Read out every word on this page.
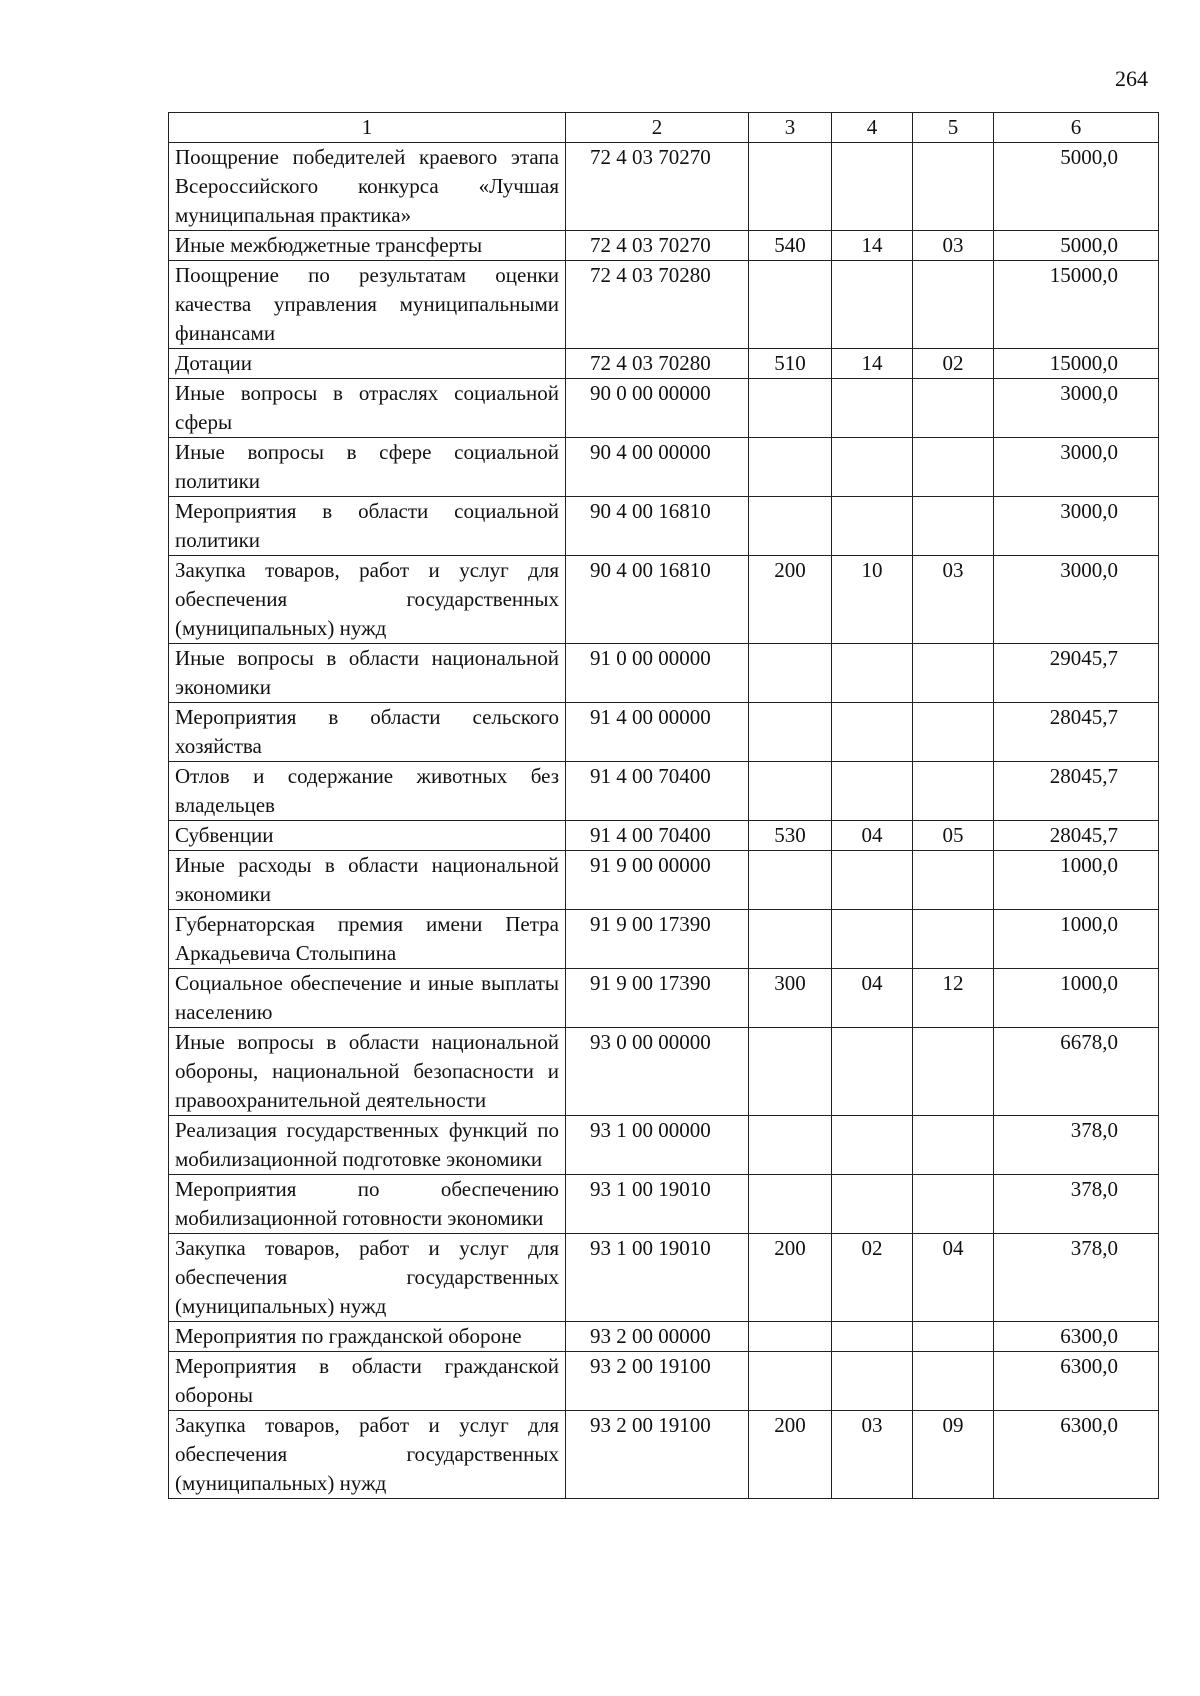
264
1	2	3	4	5	6

Поощрение победителей краевого этапа Всероссийского конкурса «Лучшая муниципальная практика»	72 4 03 70270				5000,0
Иные межбюджетные трансферты	72 4 03 70270	540	14	03	5000,0
Поощрение по результатам оценки качества управления муниципальными финансами	72 4 03 70280				15000,0
Дотации	72 4 03 70280	510	14	02	15000,0
Иные вопросы в отраслях социальной сферы	90 0 00 00000				3000,0
Иные вопросы в сфере социальной политики	90 4 00 00000				3000,0
Мероприятия в области социальной политики	90 4 00 16810				3000,0
Закупка товаров, работ и услуг для обеспечения государственных (муниципальных) нужд	90 4 00 16810	200	10	03	3000,0
Иные вопросы в области национальной экономики	91 0 00 00000				29045,7
Мероприятия в области сельского хозяйства	91 4 00 00000				28045,7
Отлов и содержание животных без владельцев	91 4 00 70400				28045,7
Субвенции	91 4 00 70400	530	04	05	28045,7
Иные расходы в области национальной экономики	91 9 00 00000				1000,0
Губернаторская премия имени Петра Аркадьевича Столыпина	91 9 00 17390				1000,0
Социальное обеспечение и иные выплаты населению	91 9 00 17390	300	04	12	1000,0
Иные вопросы в области национальной обороны, национальной безопасности и правоохранительной деятельности	93 0 00 00000				6678,0
Реализация государственных функций по мобилизационной подготовке экономики	93 1 00 00000				378,0
Мероприятия по обеспечению мобилизационной готовности экономики	93 1 00 19010				378,0
Закупка товаров, работ и услуг для обеспечения государственных (муниципальных) нужд	93 1 00 19010	200	02	04	378,0
Мероприятия по гражданской обороне	93 2 00 00000				6300,0
Мероприятия в области гражданской обороны	93 2 00 19100				6300,0
Закупка товаров, работ и услуг для обеспечения государственных (муниципальных) нужд	93 2 00 19100	200	03	09	6300,0
